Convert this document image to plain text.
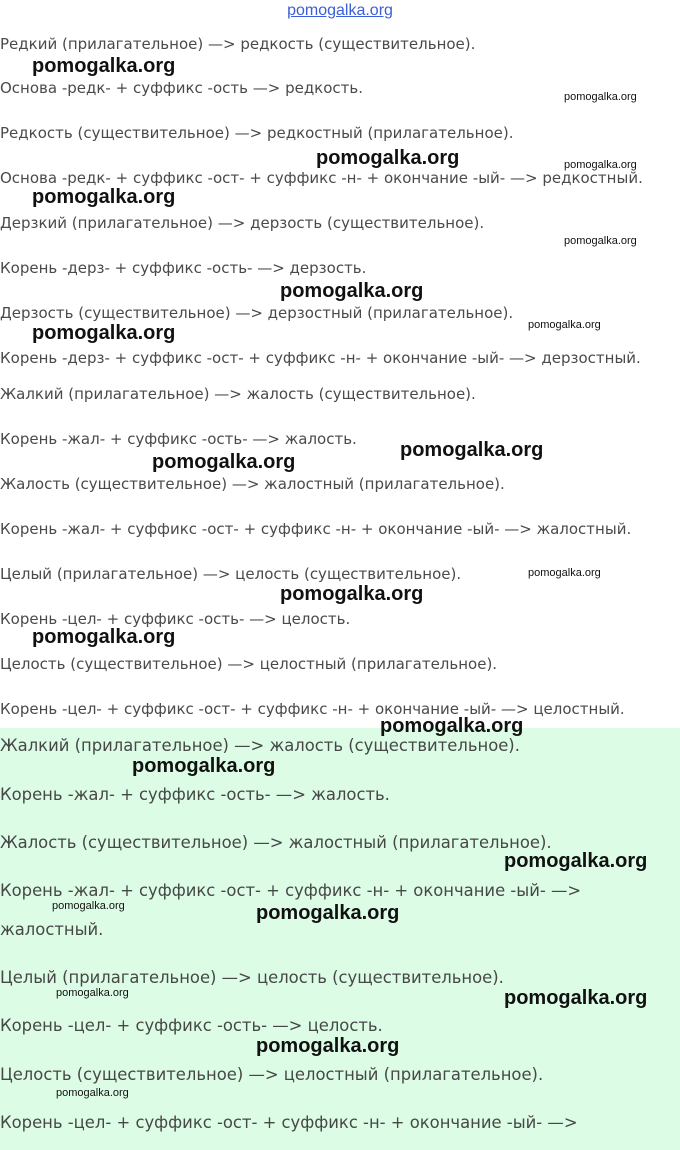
pomogalka.org
Редкий (прилагательное) —> редкость (существительное).
Основа -редк- + суффикс -ость —> редкость.
Редкость (существительное) —> редкостный (прилагательное).
Основа -редк- + суффикс -ост- + суффикс -н- + окончание -ый- —> редкостный.
Дерзкий (прилагательное) —> дерзость (существительное).
Корень -дерз- + суффикс -ость- —> дерзость.
Дерзость (существительное) —> дерзостный (прилагательное).
Корень -дерз- + суффикс -ост- + суффикс -н- + окончание -ый- —> дерзостный.
Жалкий (прилагательное) —> жалость (существительное).
Корень -жал- + суффикс -ость- —> жалость.
Жалость (существительное) —> жалостный (прилагательное).
Корень -жал- + суффикс -ост- + суффикс -н- + окончание -ый- —> жалостный.
Целый (прилагательное) —> целость (существительное).
Корень -цел- + суффикс -ость- —> целость.
Целость (существительное) —> целостный (прилагательное).
Корень -цел- + суффикс -ост- + суффикс -н- + окончание -ый- —> целостный.
Жалкий (прилагательное) —> жалость (существительное).
Корень -жал- + суффикс -ость- —> жалость.
Жалость (существительное) —> жалостный (прилагательное).
Корень -жал- + суффикс -ост- + суффикс -н- + окончание -ый- —>
жалостный.
Целый (прилагательное) —> целость (существительное).
Корень -цел- + суффикс -ость- —> целость.
Целость (существительное) —> целостный (прилагательное).
Корень -цел- + суффикс -ост- + суффикс -н- + окончание -ый- —>
pomogalka.org
pomogalka.org
pomogalka.org	pomogalka.org
pomogalka.org
pomogalka.org
pomogalka.org
pomogalka.org
pomogalka.org
pomogalka.org
pomogalka.org
pomogalka.org
pomogalka.org
pomogalka.org
pomogalka.org
pomogalka.org
pomogalka.org
pomogalka.org	pomogalka.org
pomogalka.org	pomogalka.org
pomogalka.org
pomogalka.org
